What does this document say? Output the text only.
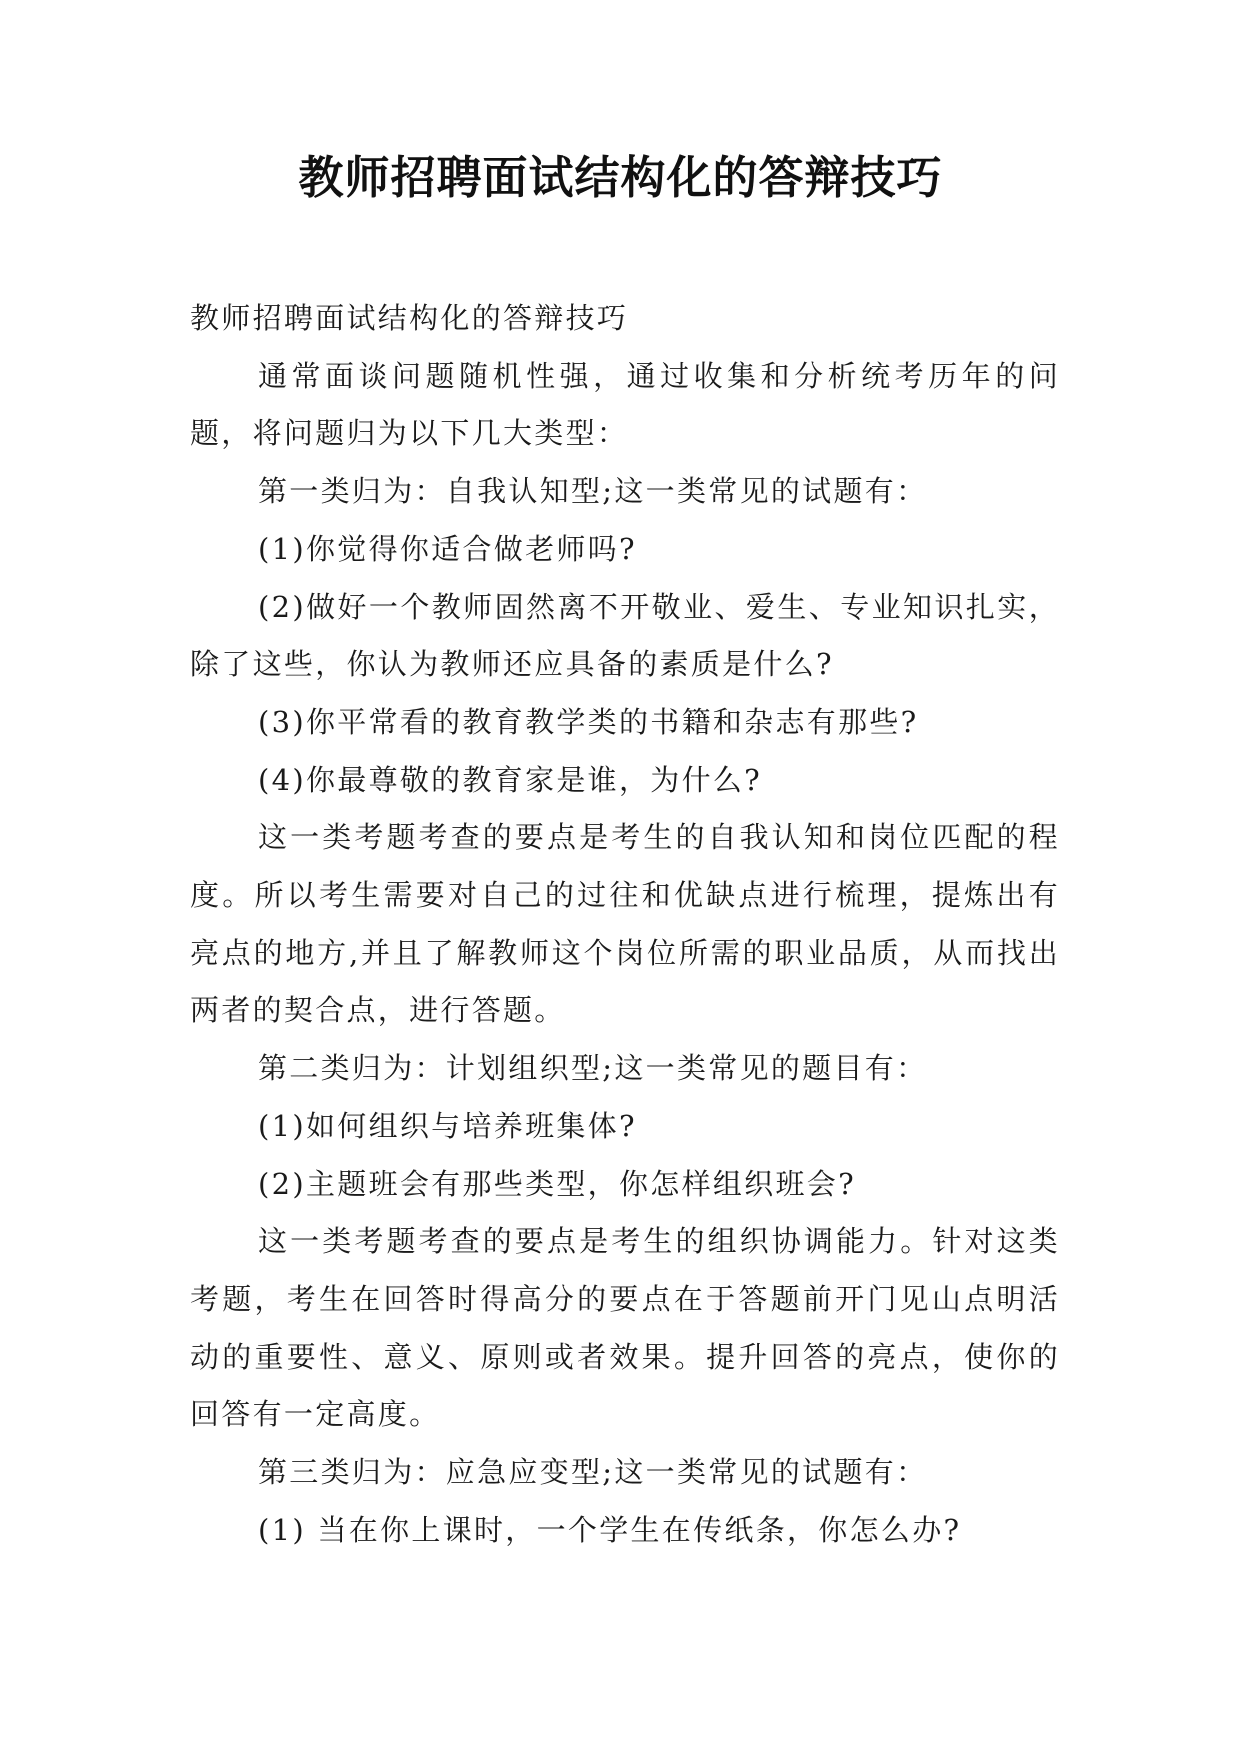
教师招聘面试结构化的答辩技巧

教师招聘面试结构化的答辩技巧

通常面谈问题随机性强，通过收集和分析统考历年的问题，将问题归为以下几大类型：

第一类归为：自我认知型;这一类常见的试题有：

(1)你觉得你适合做老师吗?

(2)做好一个教师固然离不开敬业、爱生、专业知识扎实，除了这些，你认为教师还应具备的素质是什么?

(3)你平常看的教育教学类的书籍和杂志有那些?

(4)你最尊敬的教育家是谁，为什么?

这一类考题考查的要点是考生的自我认知和岗位匹配的程度。所以考生需要对自己的过往和优缺点进行梳理，提炼出有亮点的地方,并且了解教师这个岗位所需的职业品质，从而找出两者的契合点，进行答题。

第二类归为：计划组织型;这一类常见的题目有：

(1)如何组织与培养班集体?

(2)主题班会有那些类型，你怎样组织班会?

这一类考题考查的要点是考生的组织协调能力。针对这类考题，考生在回答时得高分的要点在于答题前开门见山点明活动的重要性、意义、原则或者效果。提升回答的亮点，使你的回答有一定高度。

第三类归为：应急应变型;这一类常见的试题有：

(1) 当在你上课时，一个学生在传纸条，你怎么办?
